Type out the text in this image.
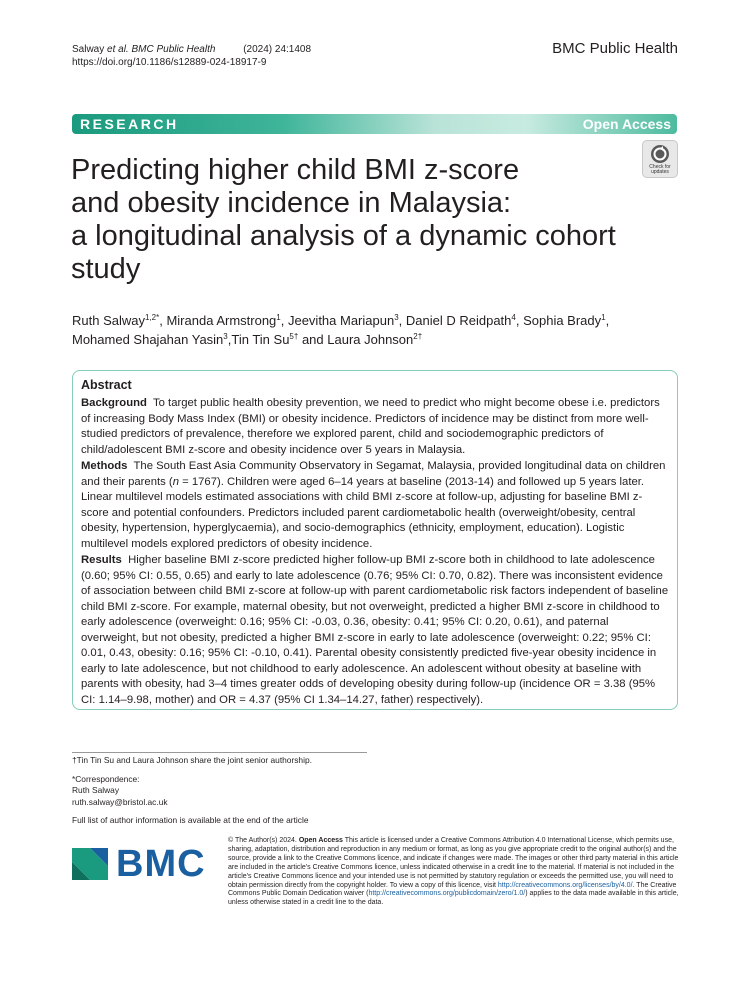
Salway et al. BMC Public Health	(2024) 24:1408
https://doi.org/10.1186/s12889-024-18917-9
BMC Public Health
RESEARCH	Open Access
Check for
updates
Predicting higher child BMI z-score
and obesity incidence in Malaysia:
a longitudinal analysis of a dynamic cohort
study
Ruth Salway$^{1,2*}$, Miranda Armstrong$^1$, Jeevitha Mariapun$^3$, Daniel D Reidpath$^4$, Sophia Brady$^1$,
Mohamed Shajahan Yasin$^3$,Tin Tin $Su^{5\dagger}$ and Laura Johnson$^{2\dagger}$
Abstract

Background To target public health obesity prevention, we need to predict who might become obese i.e. predictors of increasing Body Mass Index (BMI) or obesity incidence. Predictors of incidence may be distinct from more well-studied predictors of prevalence, therefore we explored parent, child and sociodemographic predictors of child/adolescent BMI z-score and obesity incidence over 5 years in Malaysia.

Methods The South East Asia Community Observatory in Segamat, Malaysia, provided longitudinal data on children and their parents (n = 1767). Children were aged 6–14 years at baseline (2013-14) and followed up 5 years later. Linear multilevel models estimated associations with child BMI z-score at follow-up, adjusting for baseline BMI z-score and potential confounders. Predictors included parent cardiometabolic health (overweight/obesity, central obesity, hypertension, hyperglycaemia), and socio-demographics (ethnicity, employment, education). Logistic multilevel models explored predictors of obesity incidence.

Results Higher baseline BMI z-score predicted higher follow-up BMI z-score both in childhood to late adolescence (0.60; 95% CI: 0.55, 0.65) and early to late adolescence (0.76; 95% CI: 0.70, 0.82). There was inconsistent evidence of association between child BMI z-score at follow-up with parent cardiometabolic risk factors independent of baseline child BMI z-score. For example, maternal obesity, but not overweight, predicted a higher BMI z-score in childhood to early adolescence (overweight: 0.16; 95% CI: -0.03, 0.36, obesity: 0.41; 95% CI: 0.20, 0.61), and paternal overweight, but not obesity, predicted a higher BMI z-score in early to late adolescence (overweight: 0.22; 95% CI: 0.01, 0.43, obesity: 0.16; 95% CI: -0.10, 0.41). Parental obesity consistently predicted five-year obesity incidence in early to late adolescence, but not childhood to early adolescence. An adolescent without obesity at baseline with parents with obesity, had 3–4 times greater odds of developing obesity during follow-up (incidence OR = 3.38 (95% CI: 1.14–9.98, mother) and OR = 4.37 (95% CI 1.34–14.27, father) respectively).

†Tin Tin Su and Laura Johnson share the joint senior authorship.
*Correspondence:
Ruth Salway
ruth.salway@bristol.ac.uk
Full list of author information is available at the end of the article
BMC
© The Author(s) 2024. Open Access This article is licensed under a Creative Commons Attribution 4.0 International License, which permits use, sharing, adaptation, distribution and reproduction in any medium or format, as long as you give appropriate credit to the original author(s) and the source, provide a link to the Creative Commons licence, and indicate if changes were made. The images or other third party material in this article are included in the article's Creative Commons licence, unless indicated otherwise in a credit line to the material. If material is not included in the article's Creative Commons licence and your intended use is not permitted by statutory regulation or exceeds the permitted use, you will need to obtain permission directly from the copyright holder. To view a copy of this licence, visit http://creativecommons.org/licenses/by/4.0/. The Creative Commons Public Domain Dedication waiver (http://creativecommons.org/publicdomain/zero/1.0/) applies to the data made available in this article, unless otherwise stated in a credit line to the data.
